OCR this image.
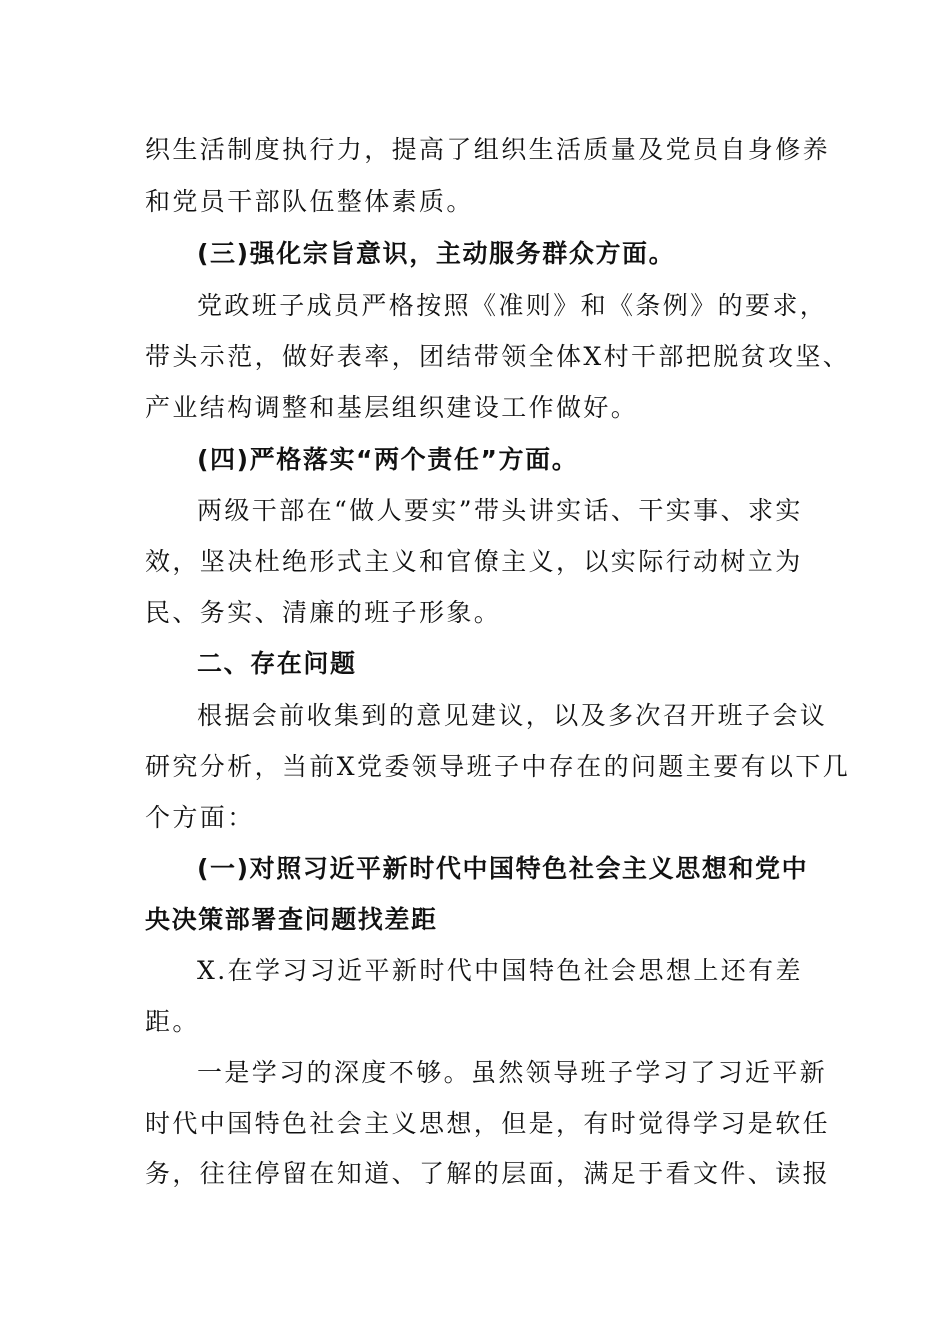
织生活制度执行力，提高了组织生活质量及党员自身修养
和党员干部队伍整体素质。
(三)强化宗旨意识，主动服务群众方面。
党政班子成员严格按照《准则》和《条例》的要求，
带头示范，做好表率，团结带领全体X村干部把脱贫攻坚、
产业结构调整和基层组织建设工作做好。
(四)严格落实“两个责任”方面。
两级干部在“做人要实”带头讲实话、干实事、求实
效，坚决杜绝形式主义和官僚主义，以实际行动树立为
民、务实、清廉的班子形象。
二、存在问题
根据会前收集到的意见建议，以及多次召开班子会议
研究分析，当前X党委领导班子中存在的问题主要有以下几
个方面：
(一)对照习近平新时代中国特色社会主义思想和党中
央决策部署查问题找差距
X.在学习习近平新时代中国特色社会思想上还有差
距。
一是学习的深度不够。虽然领导班子学习了习近平新
时代中国特色社会主义思想，但是，有时觉得学习是软任
务，往往停留在知道、了解的层面，满足于看文件、读报
